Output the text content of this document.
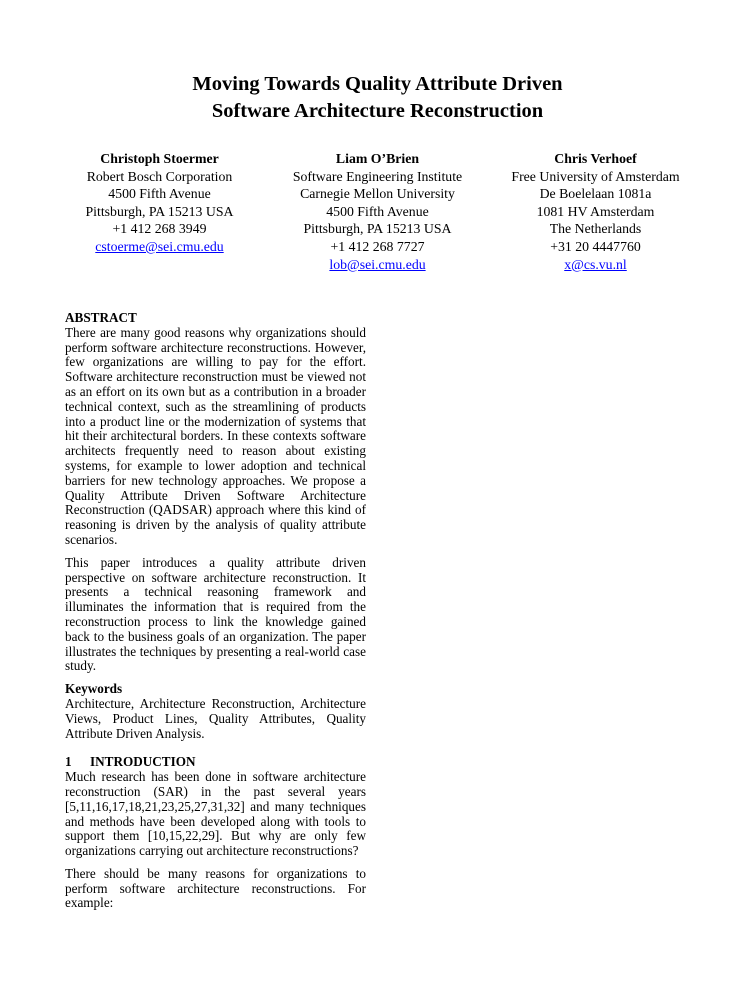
Moving Towards Quality Attribute Driven
Software Architecture Reconstruction
Christoph Stoermer
Robert Bosch Corporation
4500 Fifth Avenue
Pittsburgh, PA 15213 USA
+1 412 268 3949
cstoerme@sei.cmu.edu
Liam O’Brien
Software Engineering Institute
Carnegie Mellon University
4500 Fifth Avenue
Pittsburgh, PA 15213 USA
+1 412 268 7727
lob@sei.cmu.edu
Chris Verhoef
Free University of Amsterdam
De Boelelaan 1081a
1081 HV Amsterdam
The Netherlands
+31 20 4447760
x@cs.vu.nl
ABSTRACT

There are many good reasons why organizations should perform software architecture reconstructions. However, few organizations are willing to pay for the effort. Software architecture reconstruction must be viewed not as an effort on its own but as a contribution in a broader technical context, such as the streamlining of products into a product line or the modernization of systems that hit their architectural borders. In these contexts software architects frequently need to reason about existing systems, for example to lower adoption and technical barriers for new technology approaches. We propose a Quality Attribute Driven Software Architecture Reconstruction (QADSAR) approach where this kind of reasoning is driven by the analysis of quality attribute scenarios.

This paper introduces a quality attribute driven perspective on software architecture reconstruction. It presents a technical reasoning framework and illuminates the information that is required from the reconstruction process to link the knowledge gained back to the business goals of an organization. The paper illustrates the techniques by presenting a real-world case study.

Keywords

Architecture, Architecture Reconstruction, Architecture Views, Product Lines, Quality Attributes, Quality Attribute Driven Analysis.

1 INTRODUCTION

Much research has been done in software architecture reconstruction (SAR) in the past several years [5,11,16,17,18,21,23,25,27,31,32] and many techniques and methods have been developed along with tools to support them [10,15,22,29]. But why are only few organizations carrying out architecture reconstructions?

There should be many reasons for organizations to perform software architecture reconstructions. For example:
